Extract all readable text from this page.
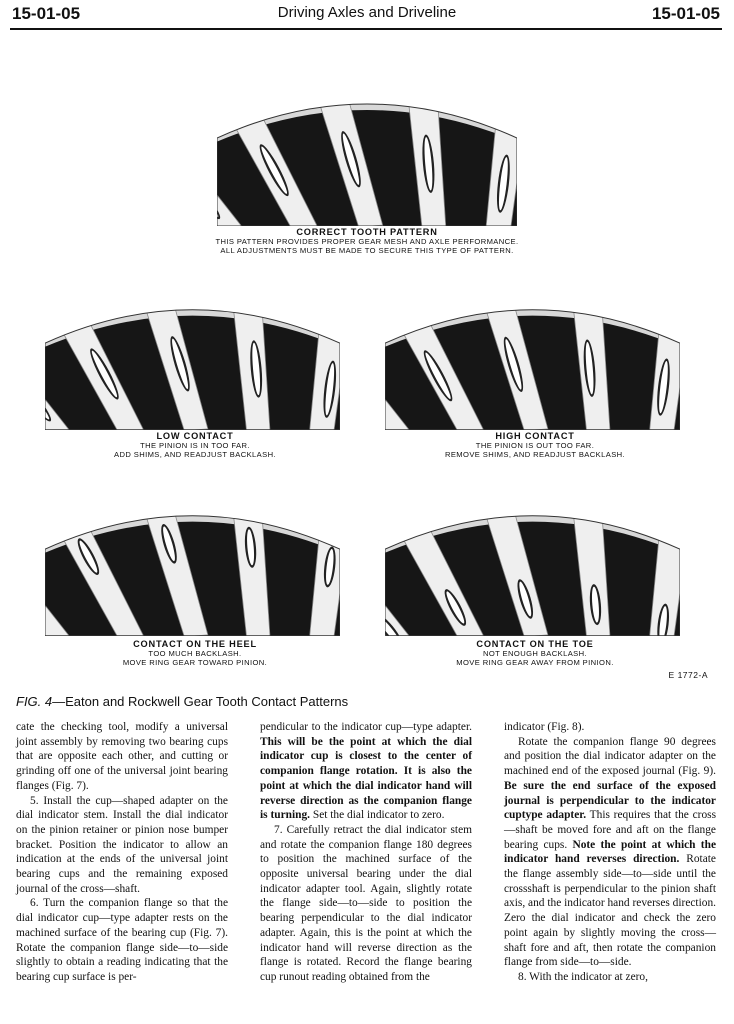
15-01-05	Driving Axles and Driveline	15-01-05
CORRECT TOOTH PATTERN
THIS PATTERN PROVIDES PROPER GEAR MESH AND AXLE PERFORMANCE.
ALL ADJUSTMENTS MUST BE MADE TO SECURE THIS TYPE OF PATTERN.
LOW CONTACT
THE PINION IS IN TOO FAR.
ADD SHIMS, AND READJUST BACKLASH.
HIGH CONTACT
THE PINION IS OUT TOO FAR.
REMOVE SHIMS, AND READJUST BACKLASH.
CONTACT ON THE HEEL
TOO MUCH BACKLASH.
MOVE RING GEAR TOWARD PINION.
CONTACT ON THE TOE
NOT ENOUGH BACKLASH.
MOVE RING GEAR AWAY FROM PINION.
E 1772-A
FIG. 4—Eaton and Rockwell Gear Tooth Contact Patterns

cate the checking tool, modify a universal joint assembly by removing two bearing cups that are opposite each other, and cutting or grinding off one of the universal joint bearing flanges (Fig. 7).

5. Install the cup—shaped adapter on the dial indicator stem. Install the dial indicator on the pinion retainer or pinion nose bumper bracket. Position the indicator to allow an indication at the ends of the universal joint bearing cups and the remaining exposed journal of the cross—shaft.

6. Turn the companion flange so that the dial indicator cup—type adapter rests on the machined surface of the bearing cup (Fig. 7). Rotate the companion flange side—to—side slightly to obtain a reading indicating that the bearing cup surface is per-

pendicular to the indicator cup—type adapter. This will be the point at which the dial indicator cup is closest to the center of companion flange rotation. It is also the point at which the dial indicator hand will reverse direction as the companion flange is turning. Set the dial indicator to zero.

7. Carefully retract the dial indicator stem and rotate the companion flange 180 degrees to position the machined surface of the opposite universal bearing under the dial indicator adapter tool. Again, slightly rotate the flange side—to—side to position the bearing perpendicular to the dial indicator adapter. Again, this is the point at which the indicator hand will reverse direction as the flange is rotated. Record the flange bearing cup runout reading obtained from the

indicator (Fig. 8).

Rotate the companion flange 90 degrees and position the dial indicator adapter on the machined end of the exposed journal (Fig. 9). Be sure the end surface of the exposed journal is perpendicular to the indicator cuptype adapter. This requires that the cross—shaft be moved fore and aft on the flange bearing cups. Note the point at which the indicator hand reverses direction. Rotate the flange assembly side—to—side until the crossshaft is perpendicular to the pinion shaft axis, and the indicator hand reverses direction. Zero the dial indicator and check the zero point again by slightly moving the cross—shaft fore and aft, then rotate the companion flange from side—to—side.

8. With the indicator at zero,
